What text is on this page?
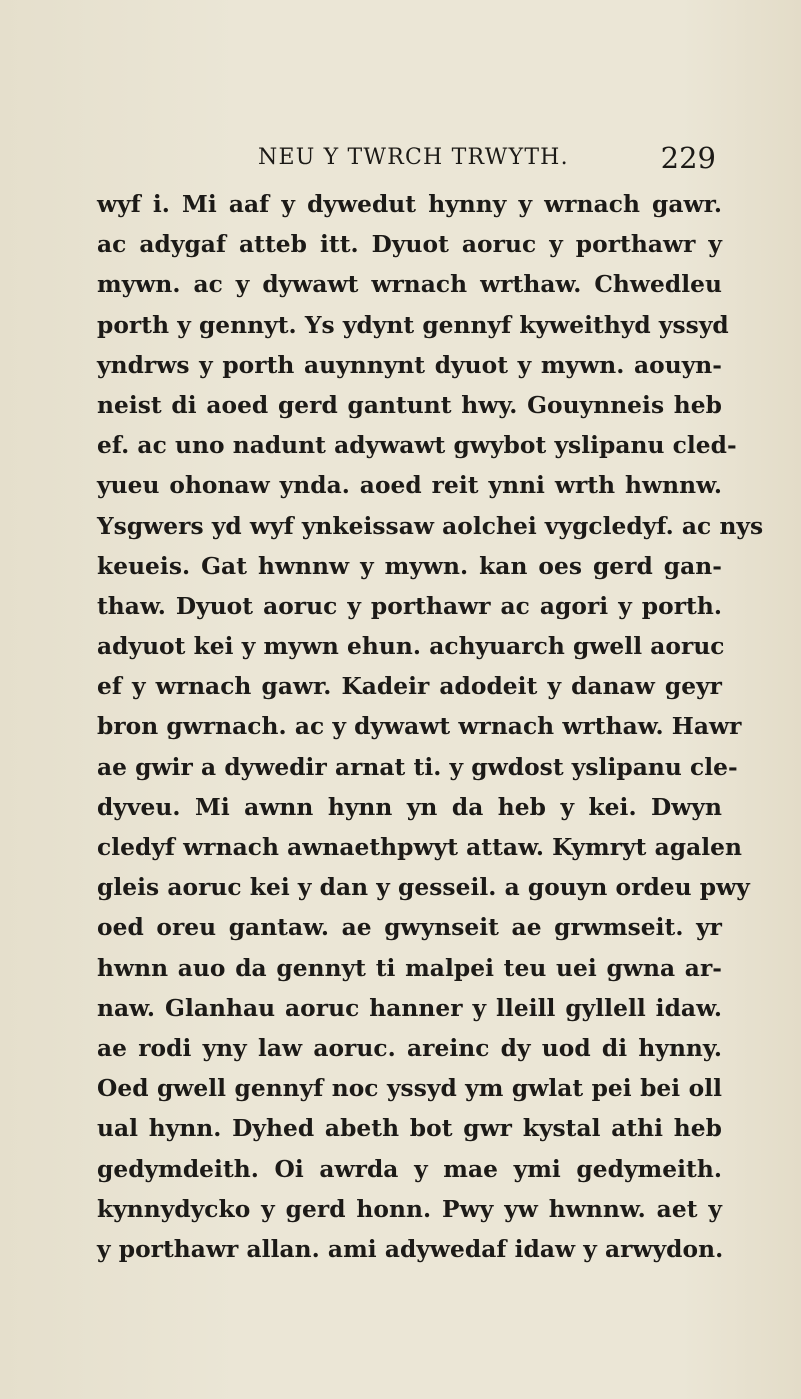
NEU Y TWRCH TRWYTH.	229
wyf i. Mi aaf y dywedut hynny y wrnach gawr.
ac adygaf atteb itt. Dyuot aoruc y porthawr y
mywn. ac y dywawt wrnach wrthaw. Chwedleu
porth y gennyt. Ys ydynt gennyf kyweithyd yssyd
yndrws y porth auynnynt dyuot y mywn. aouyn-
neist di aoed gerd gantunt hwy. Gouynneis heb
ef. ac uno nadunt adywawt gwybot yslipanu cled-
yueu ohonaw ynda. aoed reit ynni wrth hwnnw.
Ysgwers yd wyf ynkeissaw aolchei vygcledyf. ac nys
keueis. Gat hwnnw y mywn. kan oes gerd gan-
thaw. Dyuot aoruc y porthawr ac agori y porth.
adyuot kei y mywn ehun. achyuarch gwell aoruc
ef y wrnach gawr. Kadeir adodeit y danaw geyr
bron gwrnach. ac y dywawt wrnach wrthaw. Hawr
ae gwir a dywedir arnat ti. y gwdost yslipanu cle-
dyveu. Mi awnn hynn yn da heb y kei. Dwyn
cledyf wrnach awnaethpwyt attaw. Kymryt agalen
gleis aoruc kei y dan y gesseil. a gouyn ordeu pwy
oed oreu gantaw. ae gwynseit ae grwmseit. yr
hwnn auo da gennyt ti malpei teu uei gwna ar-
naw. Glanhau aoruc hanner y lleill gyllell idaw.
ae rodi yny law aoruc. areinc dy uod di hynny.
Oed gwell gennyf noc yssyd ym gwlat pei bei oll
ual hynn. Dyhed abeth bot gwr kystal athi heb
gedymdeith. Oi awrda y mae ymi gedymeith.
kynnydycko y gerd honn. Pwy yw hwnnw. aet y
y porthawr allan. ami adywedaf idaw y arwydon.
